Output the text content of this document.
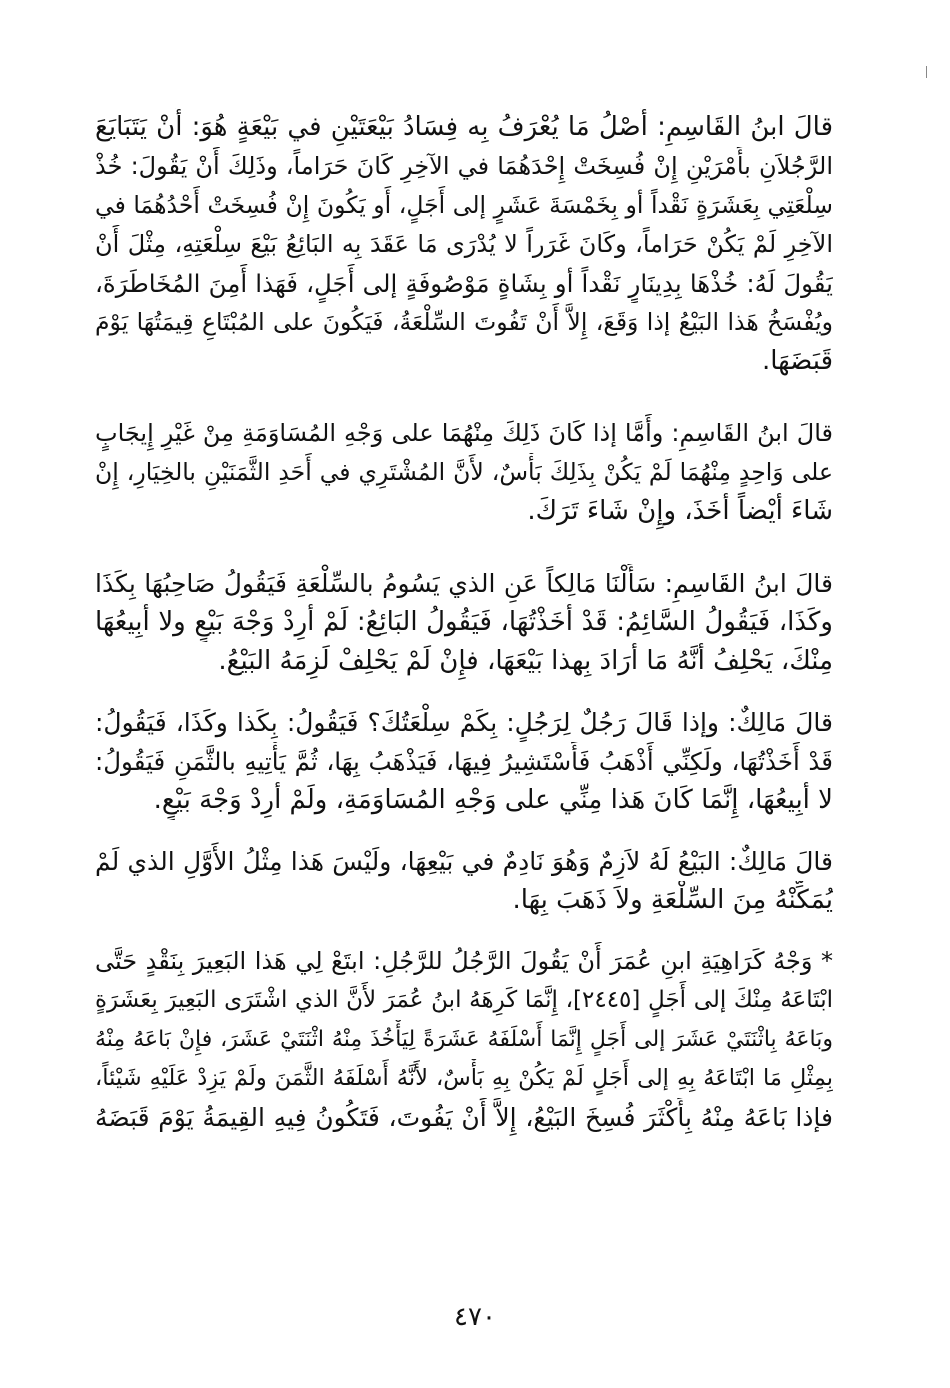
قالَ ابنُ القَاسِمِ: أَصْلُ مَا يُعْرَفُ بِه فِسَادُ بَيْعَتَيْنِ في بَيْعَةٍ هُوَ: أَنْ يَتَبَايَعَ
الرَّجُلاَنِ بأَمْرَيْنِ إِنْ فُسِخَتْ إِحْدَهُمَا في الآخِرِ كَانَ حَرَاماً، وذَلِكَ أَنْ يَقُولَ: خُذْ
سِلْعَتِي بِعَشَرَةٍ نَقْداً أو بِخَمْسَةَ عَشَرٍ إلى أَجَلٍ، أَو يَكُونَ إِنْ فُسِخَتْ أَحْدُهُمَا في
الآخِرِ لَمْ يَكُنْ حَرَاماً، وكَانَ غَرَراً لا يُدْرَى مَا عَقَدَ بِه البَائِعُ بَيْعَ سِلْعَتِهِ، مِثْلَ أَنْ
يَقُولَ لَهُ: خُذْهَا بِدِينَارٍ نَقْداً أو بِشَاةٍ مَوْصُوفَةٍ إلى أَجَلٍ، فَهَذا أَمِنَ المُخَاطَرَةَ،
ويُفْسَخُ هَذا البَيْعُ إذا وَقَعَ، إِلاَّ أَنْ تَفُوتَ السِّلْعَةُ، فَيَكُونَ على المُبْتَاعِ قِيمَتُهَا يَوْمَ
قَبَضَهَا.
قالَ ابنُ القَاسِمِ: وأَمَّا إذا كَانَ ذَلِكَ مِنْهُمَا على وَجْهِ المُسَاوَمَةِ مِنْ غَيْرِ إِيجَابٍ
على وَاحِدٍ مِنْهُمَا لَمْ يَكُنْ بِذَلِكَ بَأْسٌ، لأَنَّ المُشْتَرِي في أَحَدِ الثَّمَنَيْنِ بالخِيَارِ، إِنْ
شَاءَ أَيْضاً أَخَذَ، وإِنْ شَاءَ تَرَكَ.
قالَ ابنُ القَاسِمِ: سَأَلْنَا مَالِكاً عَنِ الذي يَسُومُ بالسِّلْعَةِ فَيَقُولُ صَاحِبُهَا بِكَذَا
وكَذَا، فَيَقُولُ السَّائِمُ: قَدْ أَخَذْتُهَا، فَيَقُولُ البَائِعُ: لَمْ أُرِدْ وَجْهَ بَيْعٍ ولا أَبِيعُهَا
مِنْكَ، يَحْلِفُ أَنَّهُ مَا أَرَادَ بِهذا بَيْعَهَا، فإِنْ لَمْ يَحْلِفْ لَزِمَهُ البَيْعُ.
قالَ مَالِكٌ: وإذا قَالَ رَجُلٌ لِرَجُلٍ: بِكَمْ سِلْعَتُكَ؟ فَيَقُولُ: بِكَذا وكَذَا، فَيَقُولُ:
قَدْ أَخَذْتُهَا، ولَكِنِّي أَذْهَبُ فَأَسْتَشِيرُ فِيهَا، فَيَذْهَبُ بِهَا، ثُمَّ يَأْتِيهِ بالثَّمَنِ فَيَقُولُ:
لا أَبِيعُهَا، إِنَّمَا كَانَ هَذا مِنِّي على وَجْهِ المُسَاوَمَةِ، ولَمْ أُرِدْ وَجْهَ بَيْعٍ.
قالَ مَالِكٌ: البَيْعُ لَهُ لاَزِمٌ وَهُوَ نَادِمٌ في بَيْعِهَا، ولَيْسَ هَذا مِثْلُ الأَوَّلِ الذي لَمْ
يُمَكِّنْهُ مِنَ السِّلْعَةِ ولاَ ذَهَبَ بِهَا.
* وَجْهُ كَرَاهِيَةِ ابنِ عُمَرَ أَنْ يَقُولَ الرَّجُلُ للرَّجُلِ: ابتَعْ لِي هَذا البَعِيرَ بِنَقْدٍ حَتَّى
ابْتَاعَهُ مِنْكَ إلى أَجَلٍ [٢٤٤٥]، إِنَّمَا كَرِهَهُ ابنُ عُمَرَ لأَنَّ الذي اشْتَرَى البَعِيرَ بِعَشَرَةٍ
وبَاعَهُ بِاثْنَتَيْ عَشَرَ إلى أَجَلٍ إِنَّمَا أَسْلَفَهُ عَشَرَةً لِيَأْخُذَ مِنْهُ اثْنَتَيْ عَشَرَ، فإِنْ بَاعَهُ مِنْهُ
بِمِثْلِ مَا ابْتَاعَهُ بِهِ إلى أَجَلٍ لَمْ يَكُنْ بِهِ بَأْسٌ، لأَنَّهُ أَسْلَفَهُ الثَّمَنَ ولَمْ يَزِدْ عَلَيْهِ شَيْئاً،
فإذا بَاعَهُ مِنْهُ بِأَكْثَرَ فُسِخَ البَيْعُ، إِلاَّ أَنْ يَفُوتَ، فَتَكُونُ فِيهِ القِيمَةُ يَوْمَ قَبَضَهُ
٤٧٠
